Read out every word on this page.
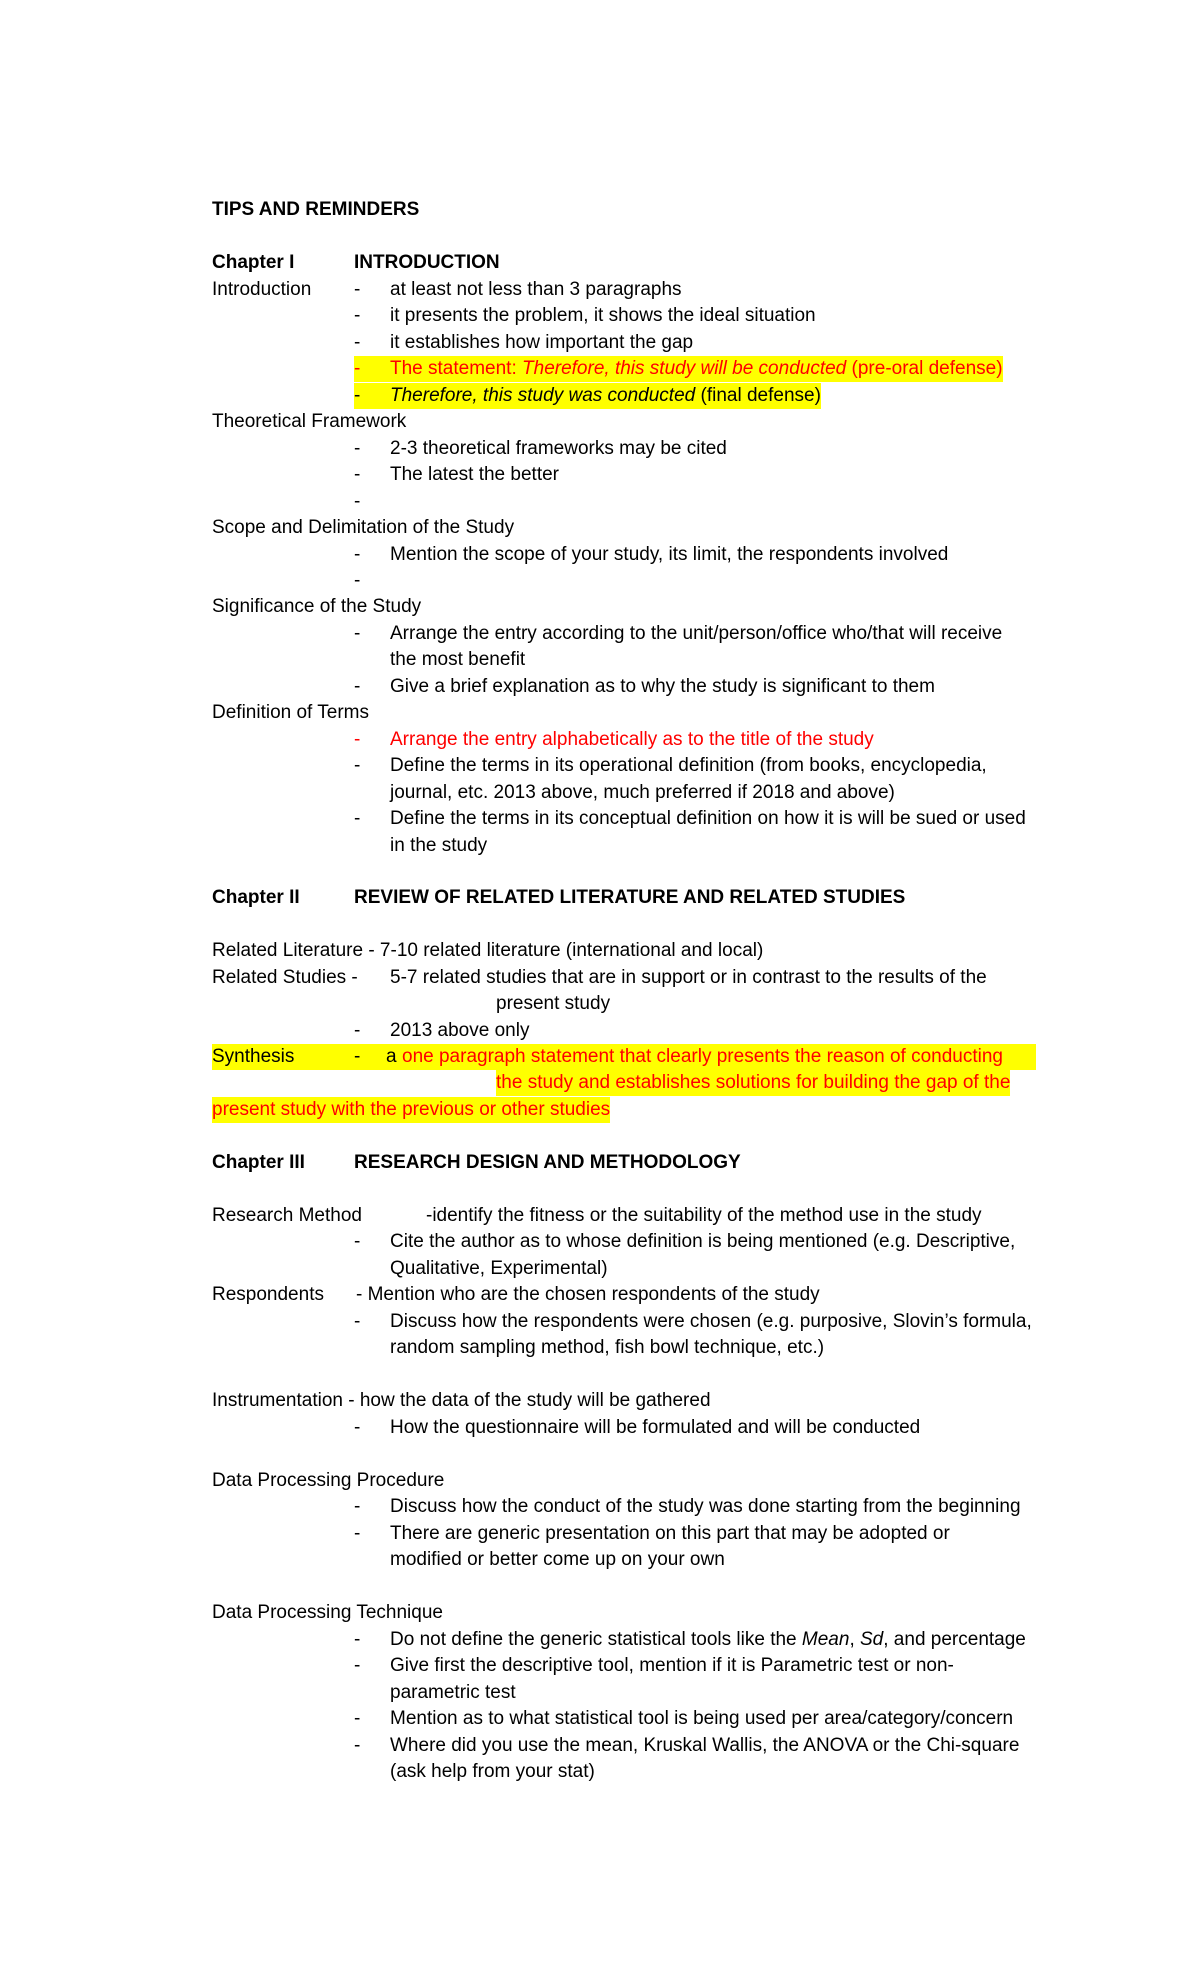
TIPS AND REMINDERS
Chapter I	INTRODUCTION
Introduction - at least not less than 3 paragraphs
- it presents the problem, it shows the ideal situation
- it establishes how important the gap
- The statement: Therefore, this study will be conducted (pre-oral defense)
- Therefore, this study was conducted (final defense)
Theoretical Framework
- 2-3 theoretical frameworks may be cited
- The latest the better
-
Scope and Delimitation of the Study
- Mention the scope of your study, its limit, the respondents involved
-
Significance of the Study
- Arrange the entry according to the unit/person/office who/that will receive
the most benefit
- Give a brief explanation as to why the study is significant to them
Definition of Terms
- Arrange the entry alphabetically as to the title of the study
- Define the terms in its operational definition (from books, encyclopedia,
journal, etc. 2013 above, much preferred if 2018 and above)
- Define the terms in its conceptual definition on how it is will be sued or used
in the study
Chapter II	REVIEW OF RELATED LITERATURE AND RELATED STUDIES
Related Literature - 7-10 related literature (international and local)
Related Studies - 5-7 related studies that are in support or in contrast to the results of the
present study
- 2013 above only
Synthesis	- a one paragraph statement that clearly presents the reason of conducting
the study and establishes solutions for building the gap of the
present study with the previous or other studies
Chapter III	RESEARCH DESIGN AND METHODOLOGY
Research Method	-identify the fitness or the suitability of the method use in the study
- Cite the author as to whose definition is being mentioned (e.g. Descriptive,
Qualitative, Experimental)
Respondents - Mention who are the chosen respondents of the study
- Discuss how the respondents were chosen (e.g. purposive, Slovin’s formula,
random sampling method, fish bowl technique, etc.)
Instrumentation - how the data of the study will be gathered
- How the questionnaire will be formulated and will be conducted
Data Processing Procedure
- Discuss how the conduct of the study was done starting from the beginning
- There are generic presentation on this part that may be adopted or
modified or better come up on your own
Data Processing Technique
- Do not define the generic statistical tools like the Mean, Sd, and percentage
- Give first the descriptive tool, mention if it is Parametric test or non-
parametric test
- Mention as to what statistical tool is being used per area/category/concern
- Where did you use the mean, Kruskal Wallis, the ANOVA or the Chi-square
(ask help from your stat)
